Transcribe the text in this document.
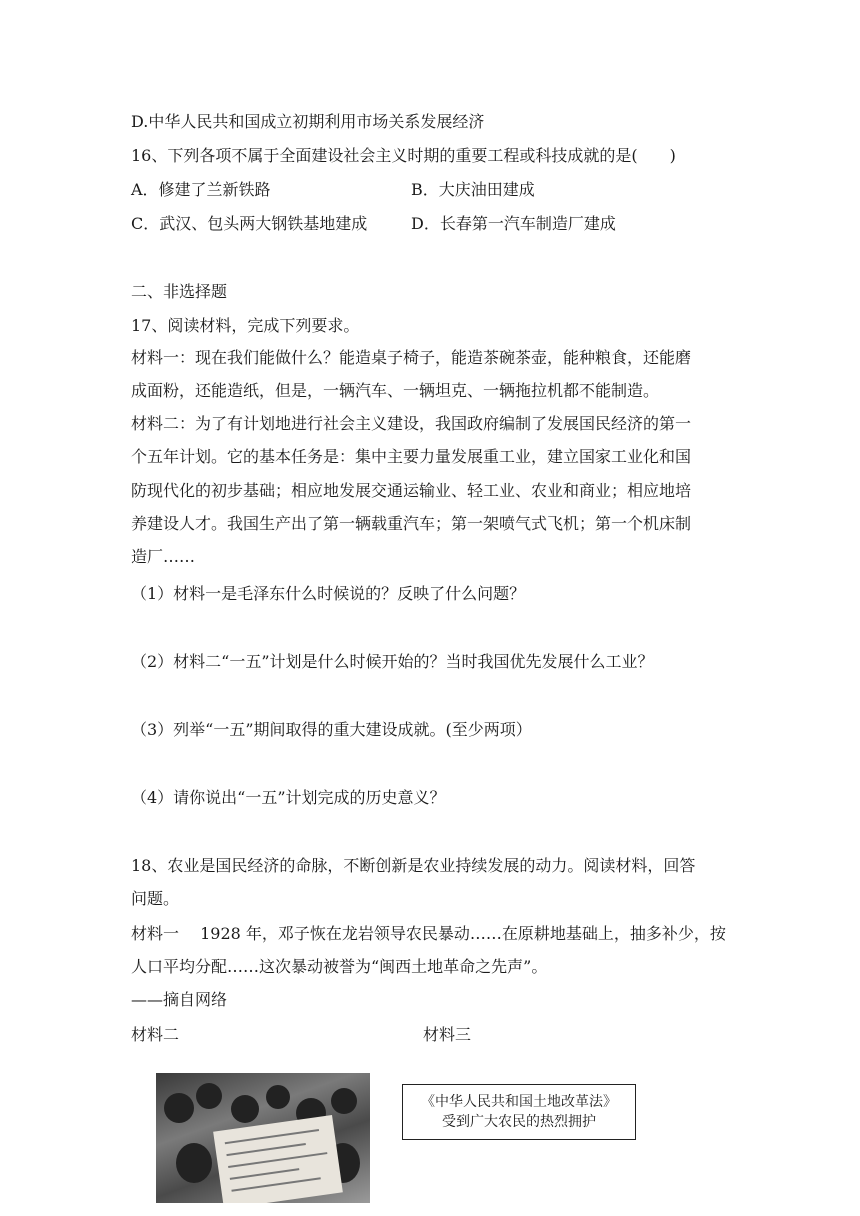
D.中华人民共和国成立初期利用市场关系发展经济
16、下列各项不属于全面建设社会主义时期的重要工程或科技成就的是(　　)
A．修建了兰新铁路	B．大庆油田建成
C．武汉、包头两大钢铁基地建成	D．长春第一汽车制造厂建成
二、非选择题
17、阅读材料，完成下列要求。
材料一：现在我们能做什么？能造桌子椅子，能造茶碗茶壶，能种粮食，还能磨
成面粉，还能造纸，但是，一辆汽车、一辆坦克、一辆拖拉机都不能制造。
材料二：为了有计划地进行社会主义建设，我国政府编制了发展国民经济的第一
个五年计划。它的基本任务是：集中主要力量发展重工业，建立国家工业化和国
防现代化的初步基础；相应地发展交通运输业、轻工业、农业和商业；相应地培
养建设人才。我国生产出了第一辆载重汽车；第一架喷气式飞机；第一个机床制
造厂……
（1）材料一是毛泽东什么时候说的？反映了什么问题？
（2）材料二“一五”计划是什么时候开始的？当时我国优先发展什么工业？
（3）列举“一五”期间取得的重大建设成就。(至少两项）
（4）请你说出“一五”计划完成的历史意义？
18、农业是国民经济的命脉，不断创新是农业持续发展的动力。阅读材料，回答
问题。
材料一　 1928 年，邓子恢在龙岩领导农民暴动……在原耕地基础上，抽多补少，按
人口平均分配……这次暴动被誉为“闽西土地革命之先声”。
——摘自网络
材料二	材料三
《中华人民共和国土地改革法》
受到广大农民的热烈拥护
